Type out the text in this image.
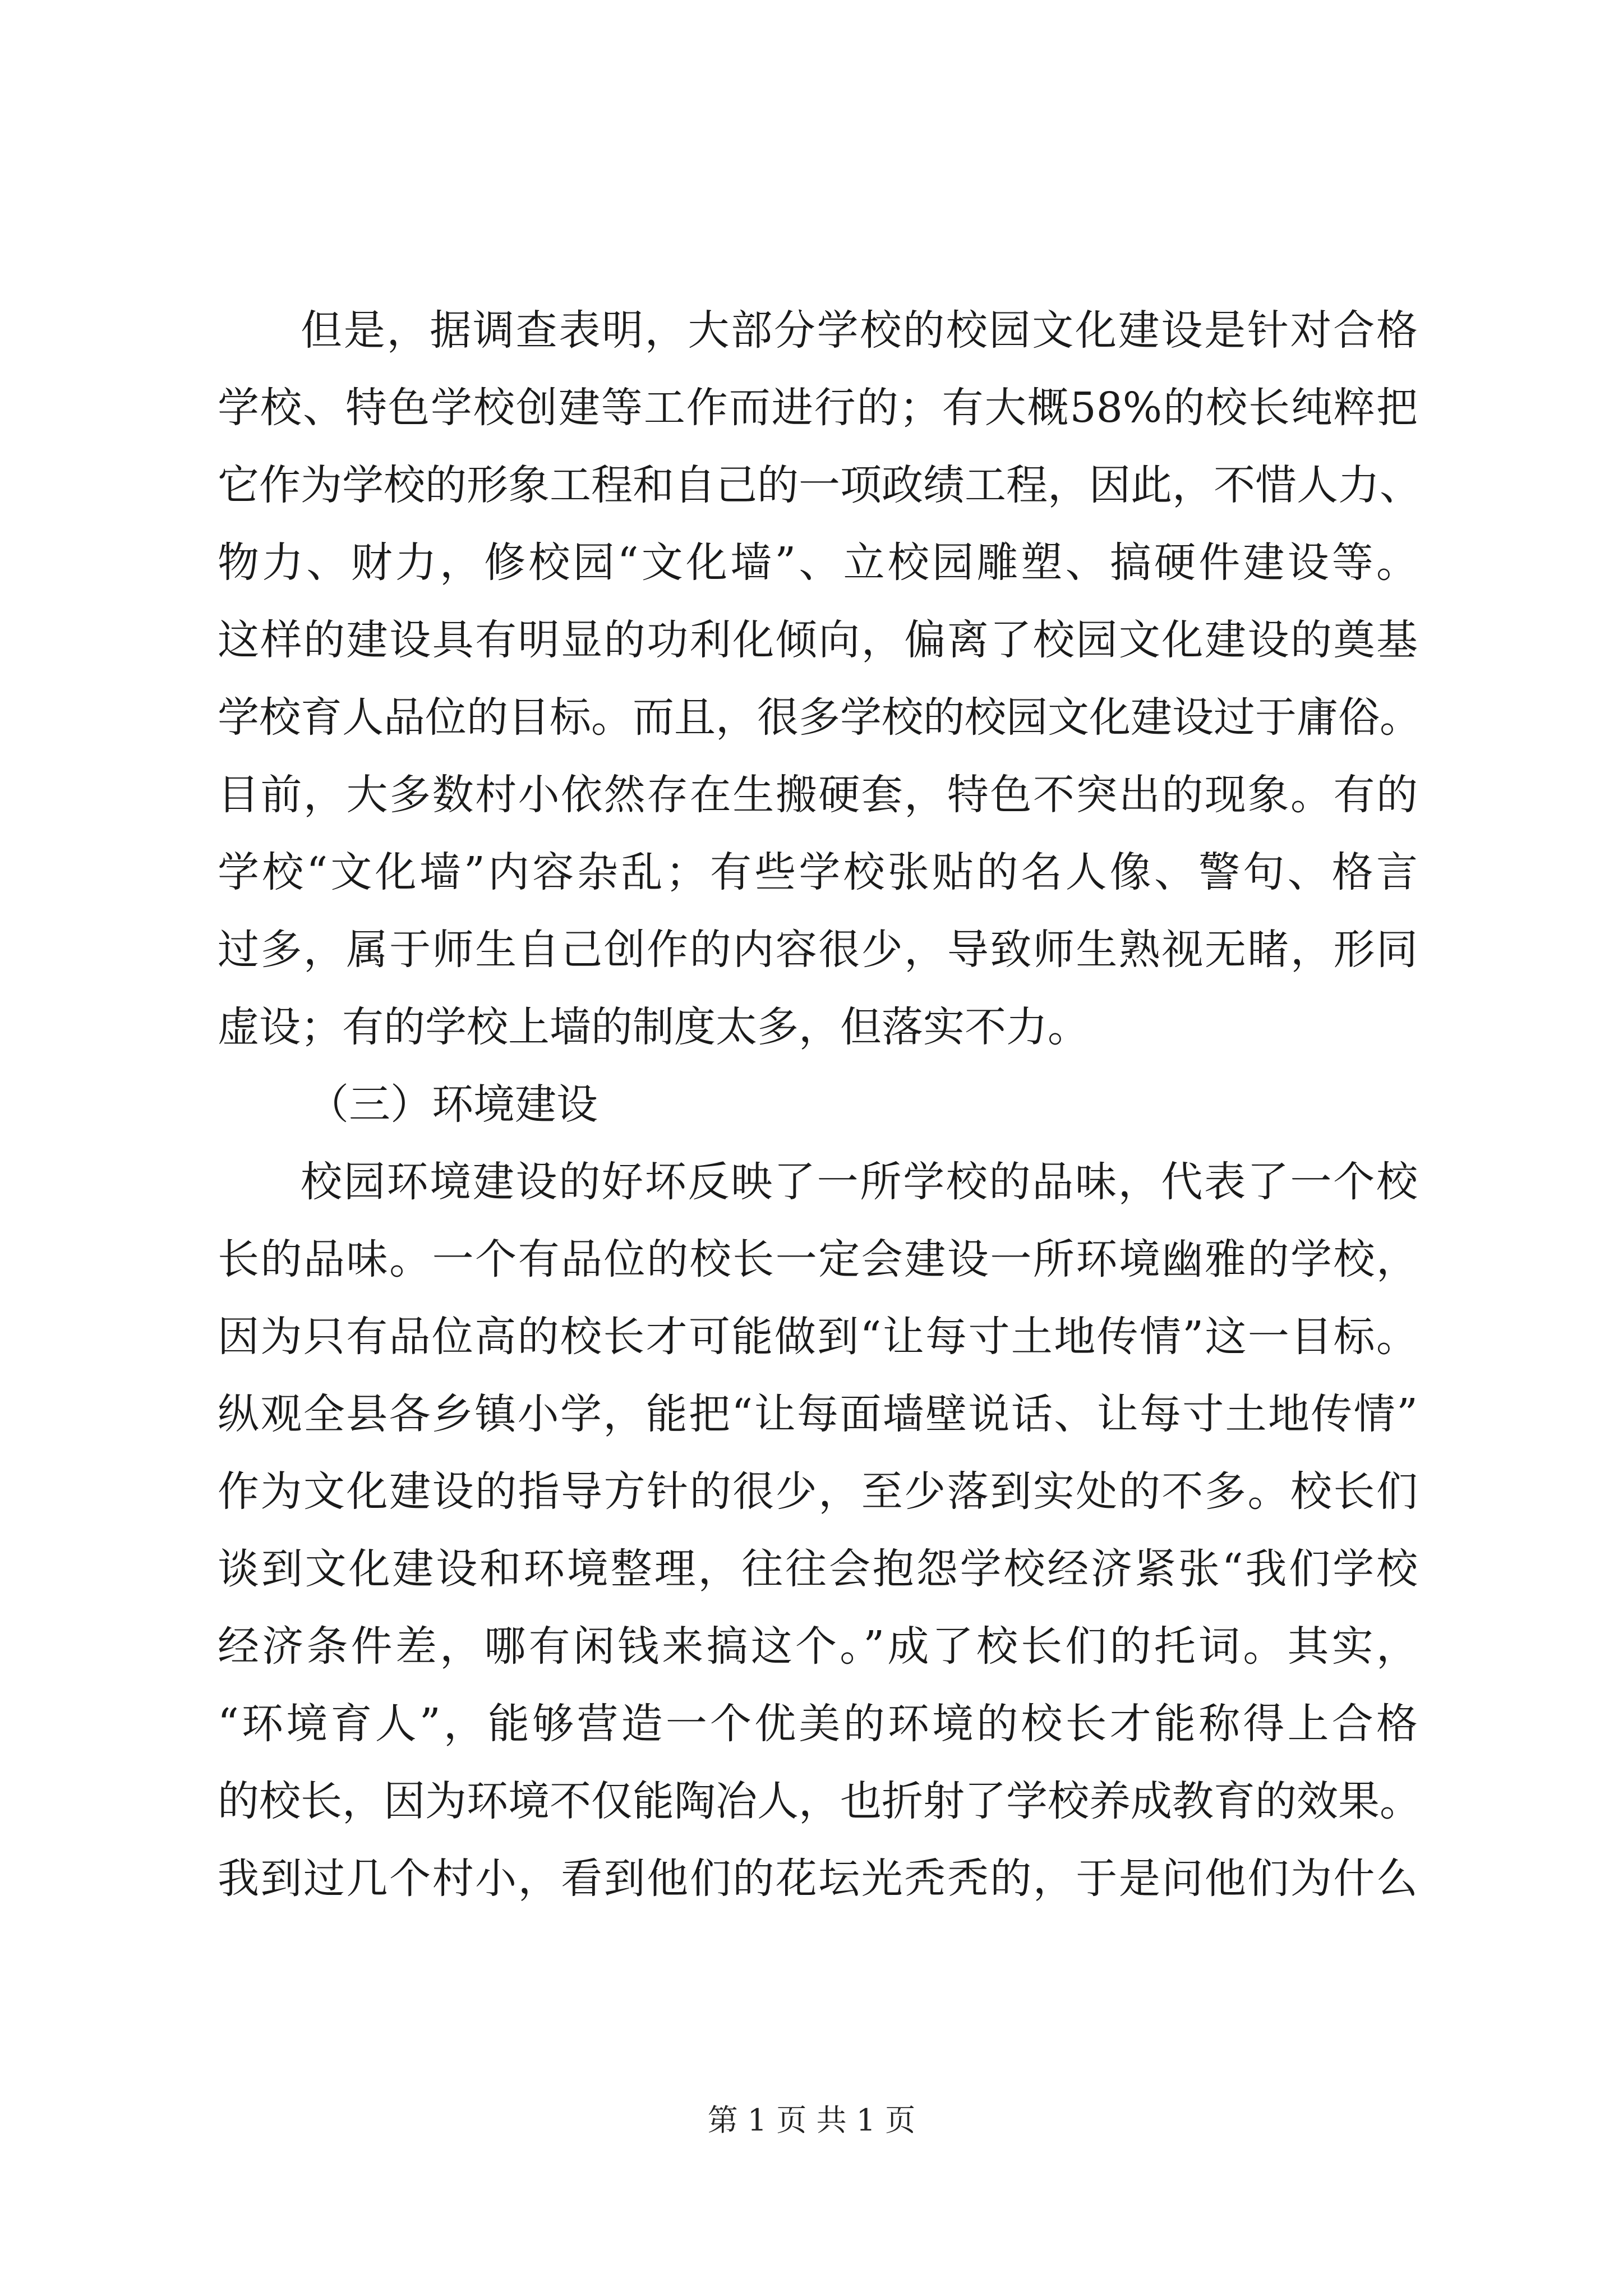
但是，据调查表明，大部分学校的校园文化建设是针对合格
学校、特色学校创建等工作而进行的；有大概58%的校长纯粹把
它作为学校的形象工程和自己的一项政绩工程，因此，不惜人力、
物力、财力，修校园“文化墙”、立校园雕塑、搞硬件建设等。
这样的建设具有明显的功利化倾向，偏离了校园文化建设的奠基
学校育人品位的目标。而且，很多学校的校园文化建设过于庸俗。
目前，大多数村小依然存在生搬硬套，特色不突出的现象。有的
学校“文化墙”内容杂乱；有些学校张贴的名人像、警句、格言
过多，属于师生自己创作的内容很少，导致师生熟视无睹，形同
虚设；有的学校上墙的制度太多，但落实不力。
（三）环境建设
校园环境建设的好坏反映了一所学校的品味，代表了一个校
长的品味。一个有品位的校长一定会建设一所环境幽雅的学校，
因为只有品位高的校长才可能做到“让每寸土地传情”这一目标。
纵观全县各乡镇小学，能把“让每面墙壁说话、让每寸土地传情”
作为文化建设的指导方针的很少，至少落到实处的不多。校长们
谈到文化建设和环境整理，往往会抱怨学校经济紧张“我们学校
经济条件差，哪有闲钱来搞这个。”成了校长们的托词。其实，
“环境育人”，能够营造一个优美的环境的校长才能称得上合格
的校长，因为环境不仅能陶冶人，也折射了学校养成教育的效果。
我到过几个村小，看到他们的花坛光秃秃的，于是问他们为什么
第 1 页 共 1 页
